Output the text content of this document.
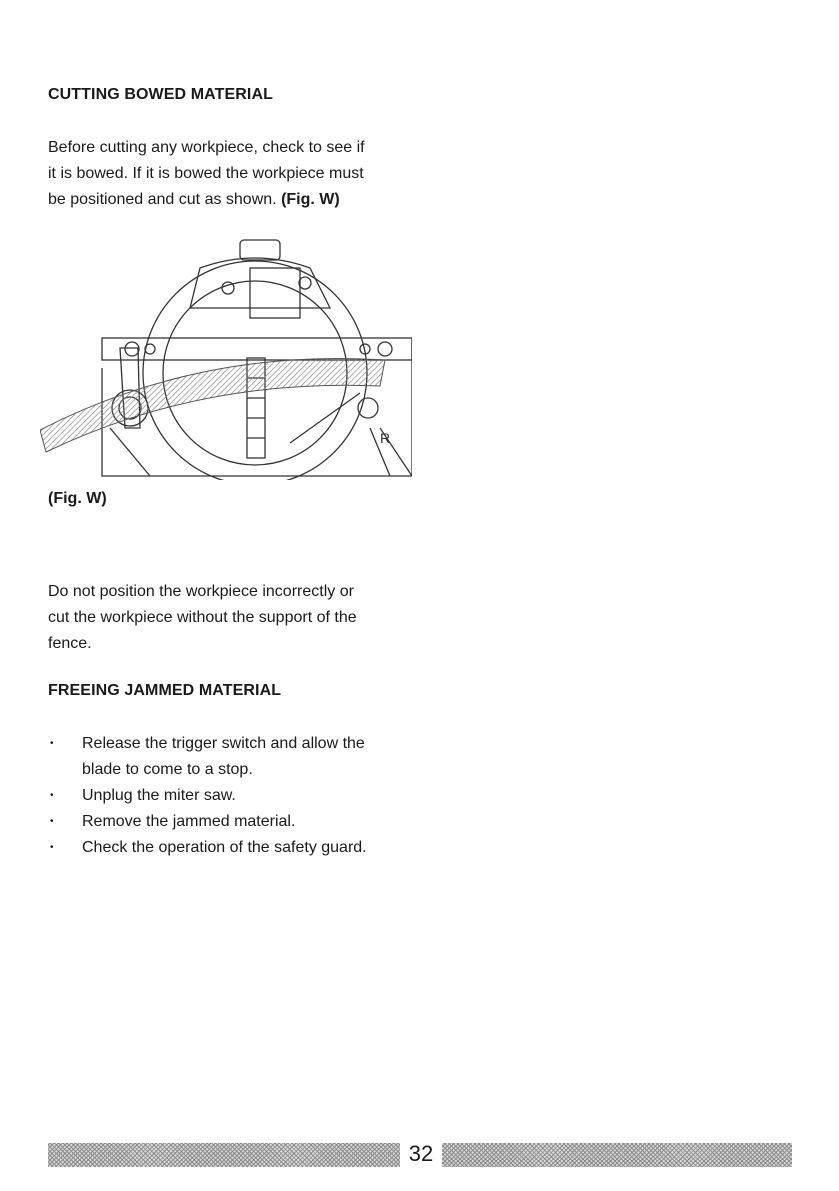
CUTTING BOWED MATERIAL
Before cutting any workpiece, check to see if
it is bowed. If it is bowed the workpiece must
be positioned and cut as shown. (Fig. W)
R
(Fig. W)
Do not position the workpiece incorrectly or
cut the workpiece without the support of the
fence.
FREEING JAMMED MATERIAL
• Release the trigger switch and allow the
blade to come to a stop.
• Unplug the miter saw.
• Remove the jammed material.
• Check the operation of the safety guard.
32
